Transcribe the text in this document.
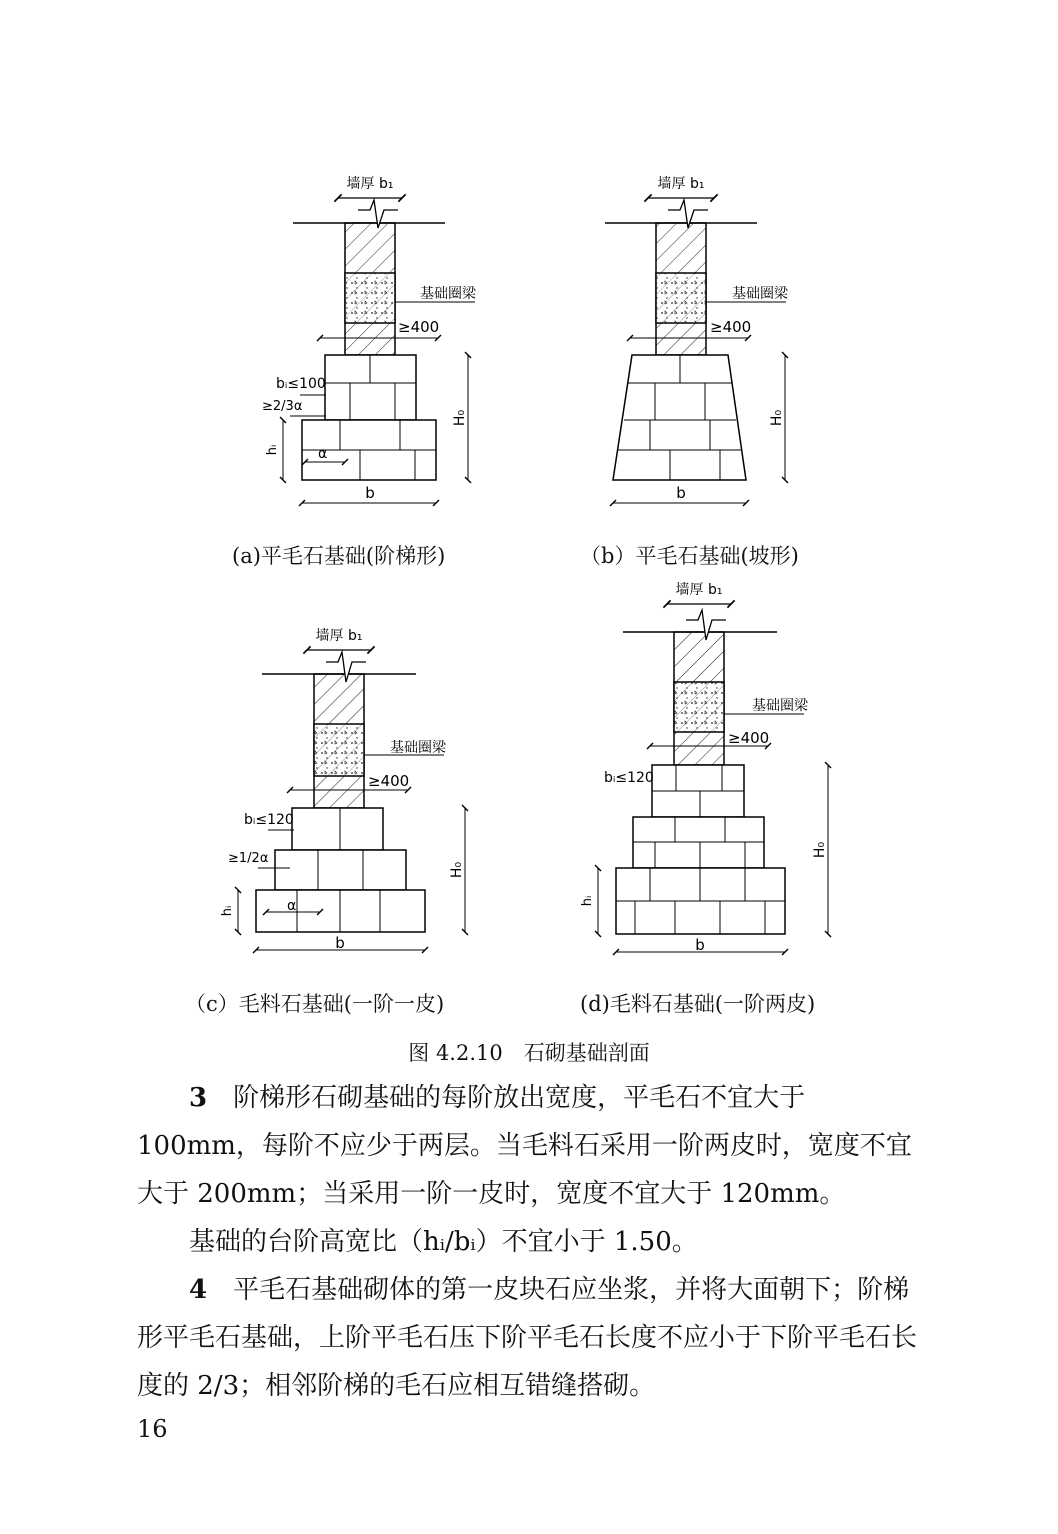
墙厚 b₁
基础圈梁
≥400
H₀
hᵢ
b
bᵢ≤100
≥2/3α
α
墙厚 b₁
基础圈梁
≥400
H₀
b
墙厚 b₁
基础圈梁
≥400
H₀
hᵢ
b
bᵢ≤120
≥1/2α
α
墙厚 b₁
基础圈梁
≥400
H₀
hᵢ
b
bᵢ≤120
(a)平毛石基础(阶梯形)	（b）平毛石基础(坡形)
（c）毛料石基础(一阶一皮)	(d)毛料石基础(一阶两皮)
图 4.2.10　石砌基础剖面
3　 阶梯形石砌基础的每阶放出宽度，平毛石不宜大于100mm，每阶不应少于两层。当毛料石采用一阶两皮时，宽度不宜大于 200mm；当采用一阶一皮时，宽度不宜大于 120mm。
基础的台阶高宽比（hᵢ/bᵢ）不宜小于 1.50。
4　 平毛石基础砌体的第一皮块石应坐浆，并将大面朝下；阶梯形平毛石基础，上阶平毛石压下阶平毛石长度不应小于下阶平毛石长度的 2/3；相邻阶梯的毛石应相互错缝搭砌。
16
